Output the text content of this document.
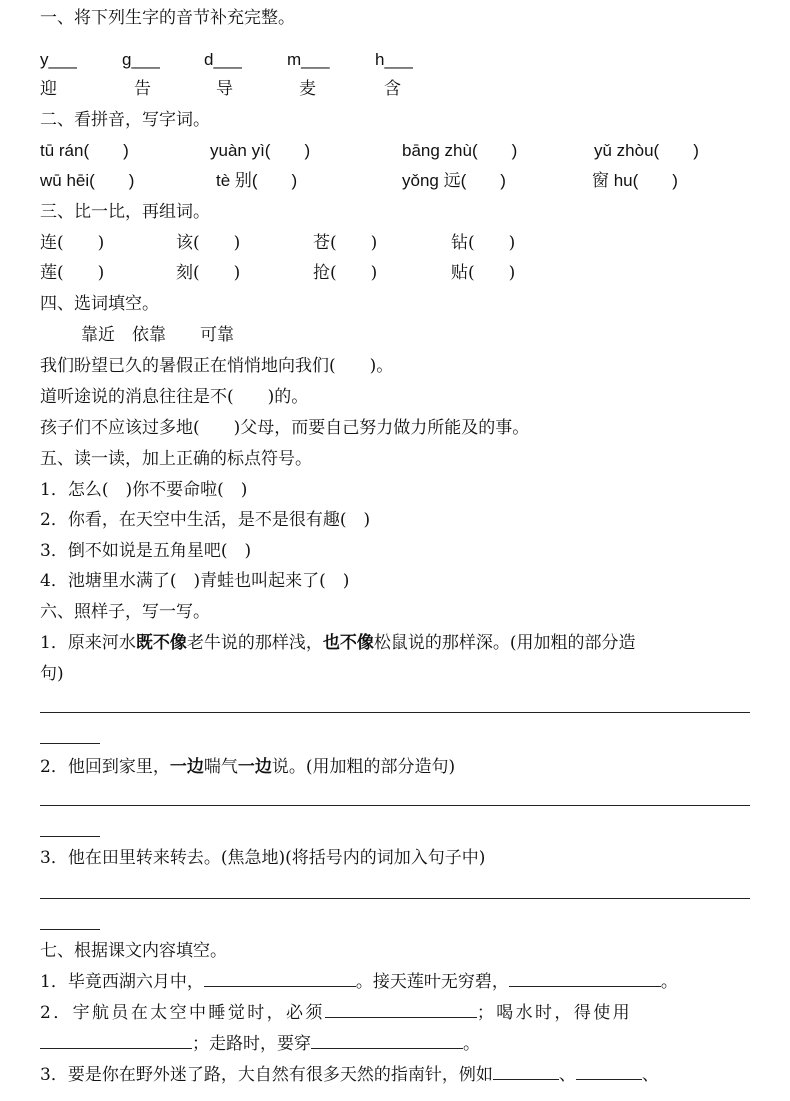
一、将下列生字的音节补充完整。
y___	g___	d___	m___	h___
迎	告	导	麦	含
二、看拼音，写字词。
tū rán(　　)	yuàn yì(　　)	bāng zhù(　　)	yǔ zhòu(　　)
wū hēi(　　)	tè 别(　　)	yǒng 远(　　)	窗 hu(　　)
三、比一比，再组词。
连(　　)	该(　　)	苍(　　)	钻(　　)
莲(　　)	刻(　　)	抢(　　)	贴(　　)
四、选词填空。
靠近　依靠　　可靠
我们盼望已久的暑假正在悄悄地向我们(　　)。
道听途说的消息往往是不(　　)的。
孩子们不应该过多地(　　)父母，而要自己努力做力所能及的事。
五、读一读，加上正确的标点符号。
1．怎么(　)你不要命啦(　)
2．你看，在天空中生活，是不是很有趣(　)
3．倒不如说是五角星吧(　)
4．池塘里水满了(　)青蛙也叫起来了(　)
六、照样子，写一写。
1．原来河水既不像老牛说的那样浅，也不像松鼠说的那样深。(用加粗的部分造
句)
2．他回到家里，一边喘气一边说。(用加粗的部分造句)
3．他在田里转来转去。(焦急地)(将括号内的词加入句子中)
七、根据课文内容填空。
1．毕竟西湖六月中，	。接天莲叶无穷碧，	。
2．宇航员在太空中睡觉时，必须	；喝水时，得使用
；走路时，要穿	。
3．要是你在野外迷了路，大自然有很多天然的指南针，例如	、	、
